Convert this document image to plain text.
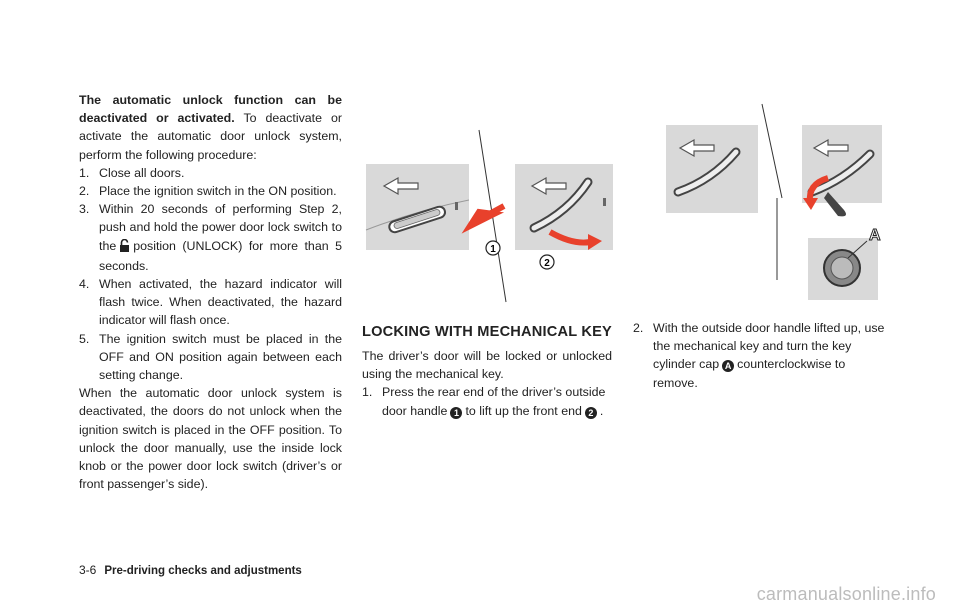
The automatic unlock function can be deactivated or activated. To deactivate or activate the automatic door unlock system, perform the following procedure:
1. Close all doors.
2. Place the ignition switch in the ON position.
3. Within 20 seconds of performing Step 2, push and hold the power door lock switch to the position (UNLOCK) for more than 5 seconds.
4. When activated, the hazard indicator will flash twice. When deactivated, the hazard indicator will flash once.
5. The ignition switch must be placed in the OFF and ON position again between each setting change.
When the automatic door unlock system is deactivated, the doors do not unlock when the ignition switch is placed in the OFF position. To unlock the door manually, use the inside lock knob or the power door lock switch (driver’s or front passenger’s side).
1
2
LOCKING WITH MECHANICAL KEY
The driver’s door will be locked or unlocked using the mechanical key.
1. Press the rear end of the driver’s outside door handle 1 to lift up the front end 2 .
A
2. With the outside door handle lifted up, use the mechanical key and turn the key cylinder cap A counterclockwise to remove.
3-6 Pre-driving checks and adjustments
carmanualsonline.info
